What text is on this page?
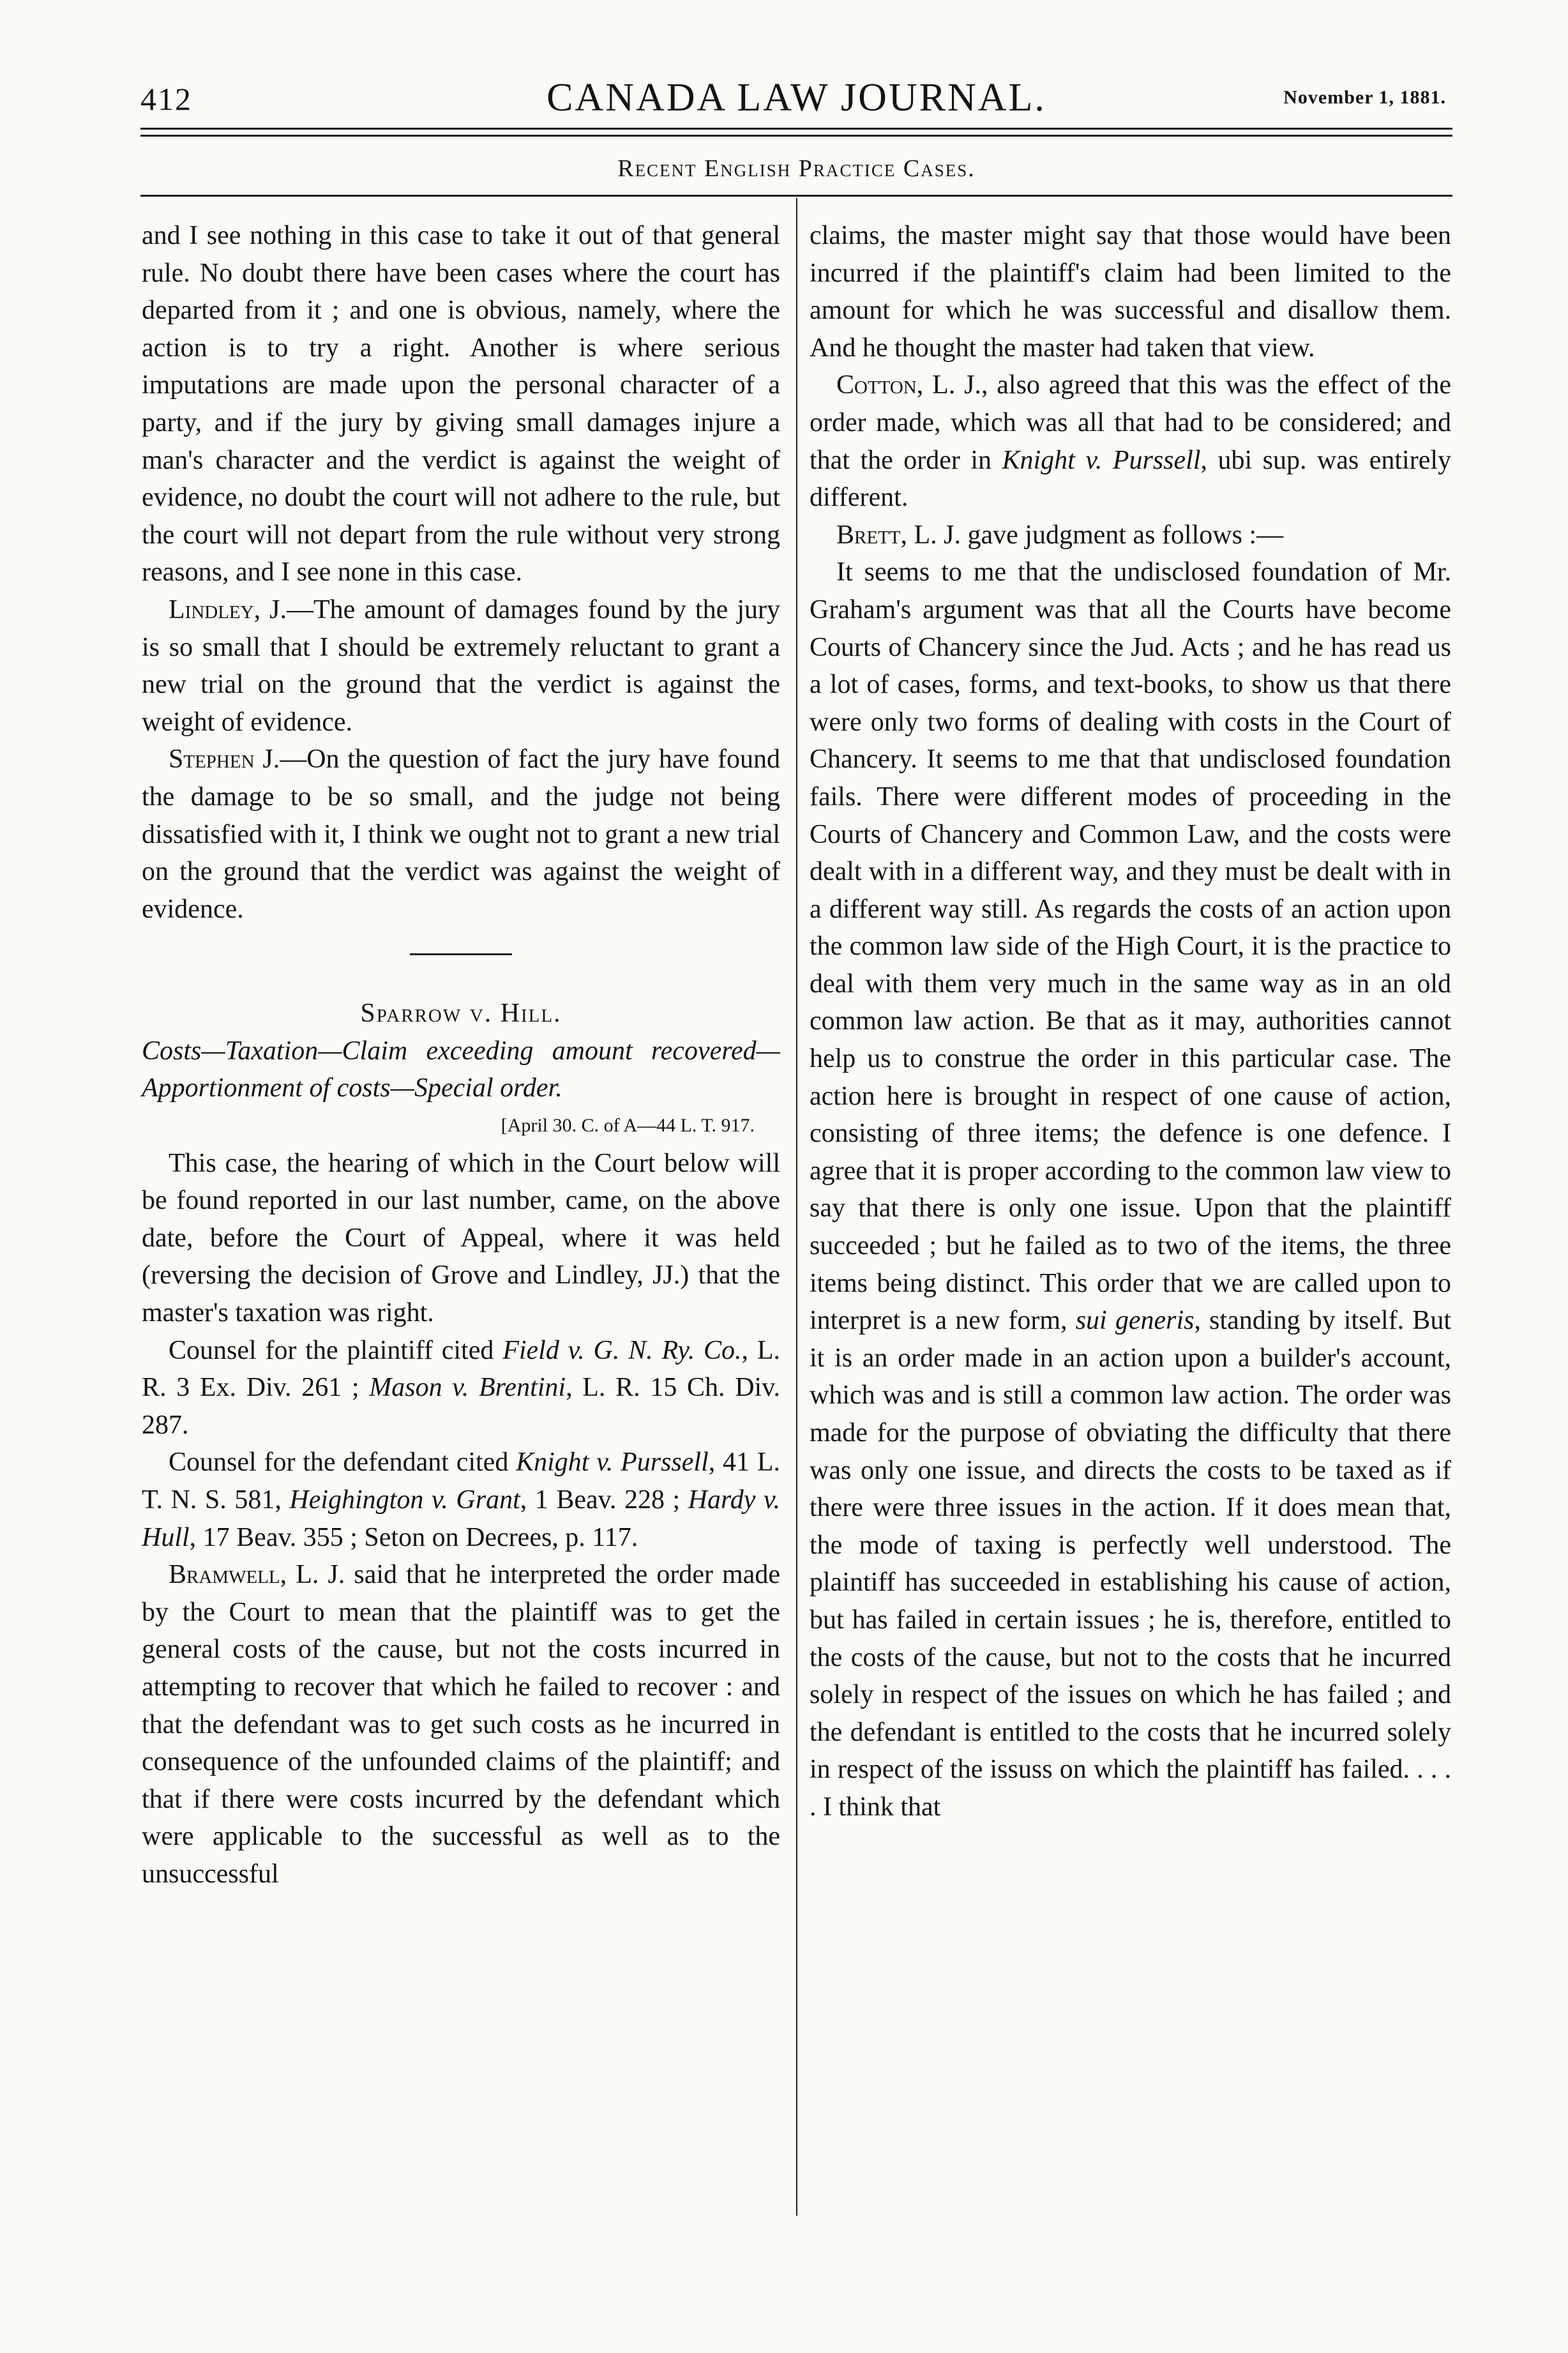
412	CANADA LAW JOURNAL.	November 1, 1881.
Recent English Practice Cases.

and I see nothing in this case to take it out of that general rule. No doubt there have been cases where the court has departed from it ; and one is obvious, namely, where the action is to try a right. Another is where serious imputations are made upon the personal character of a party, and if the jury by giving small damages injure a man's character and the verdict is against the weight of evidence, no doubt the court will not adhere to the rule, but the court will not depart from the rule without very strong reasons, and I see none in this case.

Lindley, J.—The amount of damages found by the jury is so small that I should be extremely reluctant to grant a new trial on the ground that the verdict is against the weight of evidence.

Stephen J.—On the question of fact the jury have found the damage to be so small, and the judge not being dissatisfied with it, I think we ought not to grant a new trial on the ground that the verdict was against the weight of evidence.

Sparrow v. Hill.

Costs—Taxation—Claim exceeding amount recovered—Apportionment of costs—Special order.

[April 30. C. of A—44 L. T. 917.

This case, the hearing of which in the Court below will be found reported in our last number, came, on the above date, before the Court of Appeal, where it was held (reversing the decision of Grove and Lindley, JJ.) that the master's taxation was right.

Counsel for the plaintiff cited Field v. G. N. Ry. Co., L. R. 3 Ex. Div. 261 ; Mason v. Brentini, L. R. 15 Ch. Div. 287.

Counsel for the defendant cited Knight v. Purssell, 41 L. T. N. S. 581, Heighington v. Grant, 1 Beav. 228 ; Hardy v. Hull, 17 Beav. 355 ; Seton on Decrees, p. 117.

Bramwell, L. J. said that he interpreted the order made by the Court to mean that the plaintiff was to get the general costs of the cause, but not the costs incurred in attempting to recover that which he failed to recover : and that the defendant was to get such costs as he incurred in consequence of the unfounded claims of the plaintiff; and that if there were costs incurred by the defendant which were applicable to the successful as well as to the unsuccessful

claims, the master might say that those would have been incurred if the plaintiff's claim had been limited to the amount for which he was successful and disallow them. And he thought the master had taken that view.

Cotton, L. J., also agreed that this was the effect of the order made, which was all that had to be considered; and that the order in Knight v. Purssell, ubi sup. was entirely different.

Brett, L. J. gave judgment as follows :—

It seems to me that the undisclosed foundation of Mr. Graham's argument was that all the Courts have become Courts of Chancery since the Jud. Acts ; and he has read us a lot of cases, forms, and text-books, to show us that there were only two forms of dealing with costs in the Court of Chancery. It seems to me that that undisclosed foundation fails. There were different modes of proceeding in the Courts of Chancery and Common Law, and the costs were dealt with in a different way, and they must be dealt with in a different way still. As regards the costs of an action upon the common law side of the High Court, it is the practice to deal with them very much in the same way as in an old common law action. Be that as it may, authorities cannot help us to construe the order in this particular case. The action here is brought in respect of one cause of action, consisting of three items; the defence is one defence. I agree that it is proper according to the common law view to say that there is only one issue. Upon that the plaintiff succeeded ; but he failed as to two of the items, the three items being distinct. This order that we are called upon to interpret is a new form, sui generis, standing by itself. But it is an order made in an action upon a builder's account, which was and is still a common law action. The order was made for the purpose of obviating the difficulty that there was only one issue, and directs the costs to be taxed as if there were three issues in the action. If it does mean that, the mode of taxing is perfectly well understood. The plaintiff has succeeded in establishing his cause of action, but has failed in certain issues ; he is, therefore, entitled to the costs of the cause, but not to the costs that he incurred solely in respect of the issues on which he has failed ; and the defendant is entitled to the costs that he incurred solely in respect of the issuss on which the plaintiff has failed. . . . . I think that
